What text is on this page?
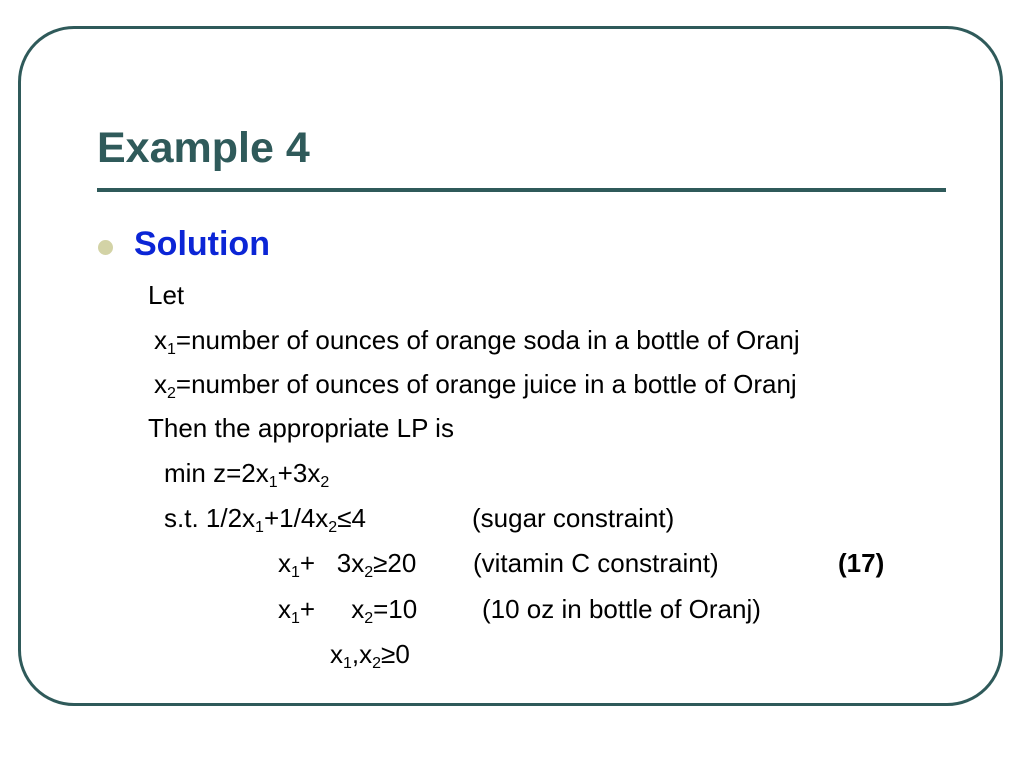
Example 4
Solution
Let
$x_1=number$ of ounces of orange soda in a bottle of Oranj
$x_2=number$ of ounces of orange juice in a bottle of Oranj
Then the appropriate LP is
$\min z=2x_1+3x_2$
s.t. $1/2x_1+1/4x_2\le 4$	(sugar constraint)
$x_1+ 3x_2\ge 20$ (vitamin C constraint)	(17)
$x_1+$     $x_2=10$ (10 oz in bottle of Oranj)
$x_1,x_2\ge 0$
